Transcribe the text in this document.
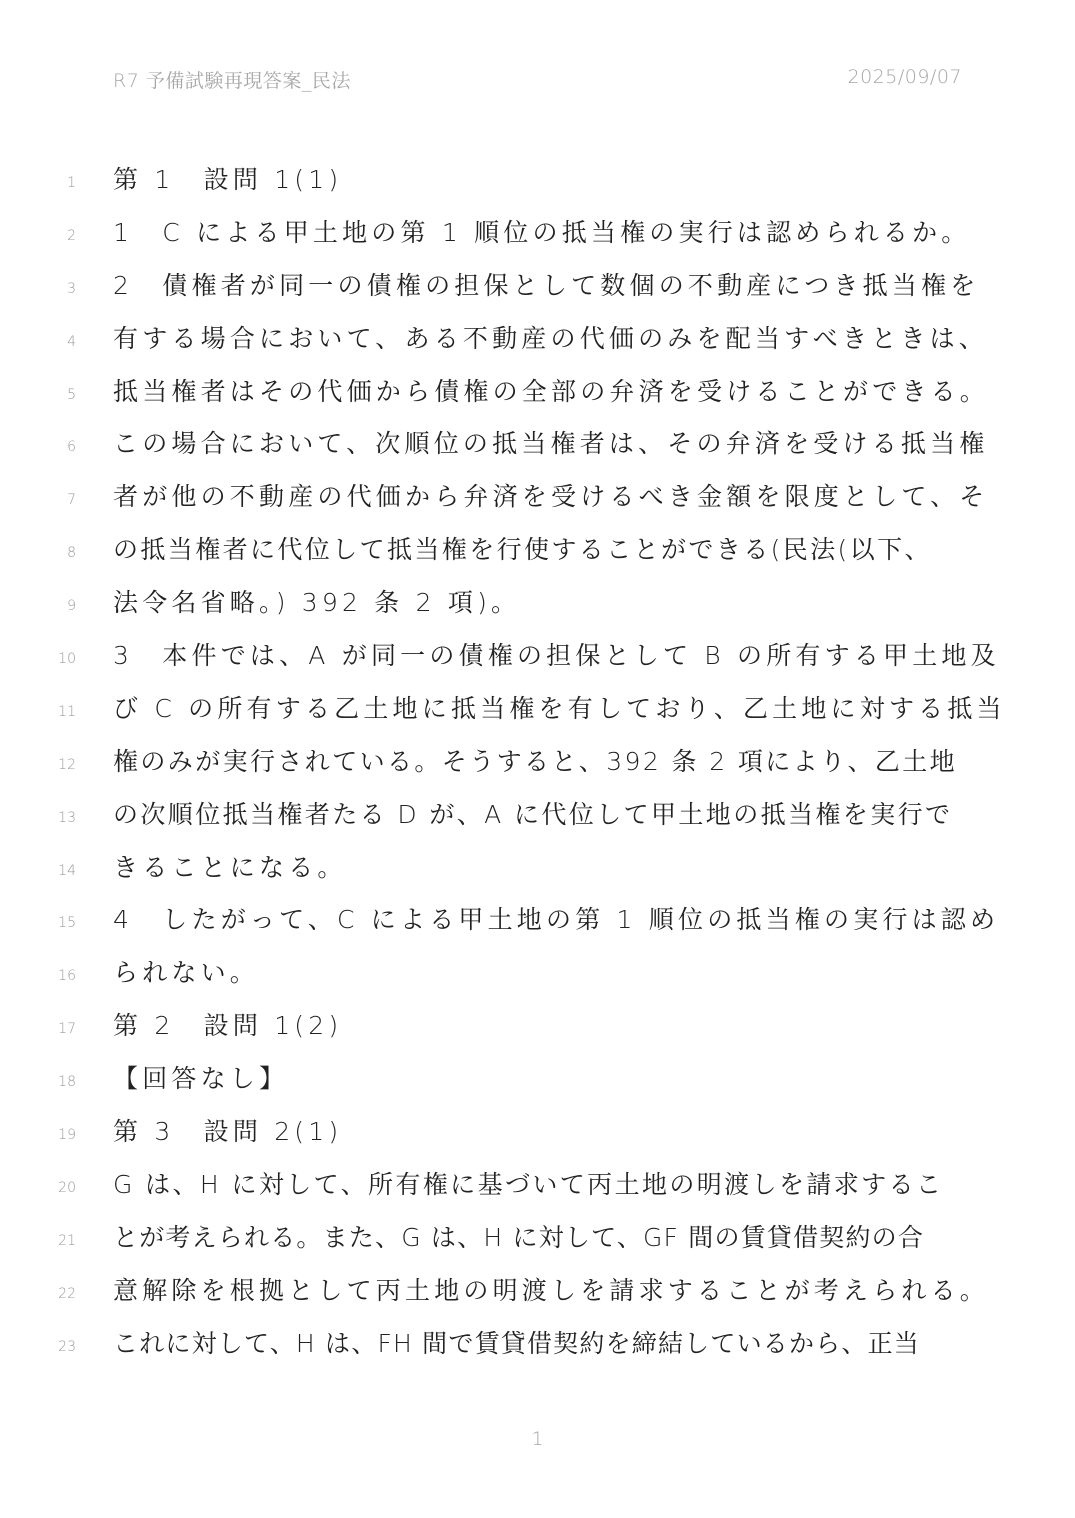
R7 予備試験再現答案_民法	2025/09/07
1 第 1　設問 1(1)
2 1　C による甲土地の第 1 順位の抵当権の実行は認められるか。
3 2　債権者が同一の債権の担保として数個の不動産につき抵当権を
4 有する場合において、ある不動産の代価のみを配当すべきときは、
5 抵当権者はその代価から債権の全部の弁済を受けることができる。
6 この場合において、次順位の抵当権者は、その弁済を受ける抵当権
7 者が他の不動産の代価から弁済を受けるべき金額を限度として、そ
8 の抵当権者に代位して抵当権を行使することができる(民法(以下、
9 法令名省略。) 392 条 2 項)。
10 3　本件では、A が同一の債権の担保として B の所有する甲土地及
11 び C の所有する乙土地に抵当権を有しており、乙土地に対する抵当
12 権のみが実行されている。そうすると、392 条 2 項により、乙土地
13 の次順位抵当権者たる D が、A に代位して甲土地の抵当権を実行で
14 きることになる。
15 4　したがって、C による甲土地の第 1 順位の抵当権の実行は認め
16 られない。
17 第 2　設問 1(2)
18 【回答なし】
19 第 3　設問 2(1)
20 G は、H に対して、所有権に基づいて丙土地の明渡しを請求するこ
21 とが考えられる。また、G は、H に対して、GF 間の賃貸借契約の合
22 意解除を根拠として丙土地の明渡しを請求することが考えられる。
23 これに対して、H は、FH 間で賃貸借契約を締結しているから、正当
1
